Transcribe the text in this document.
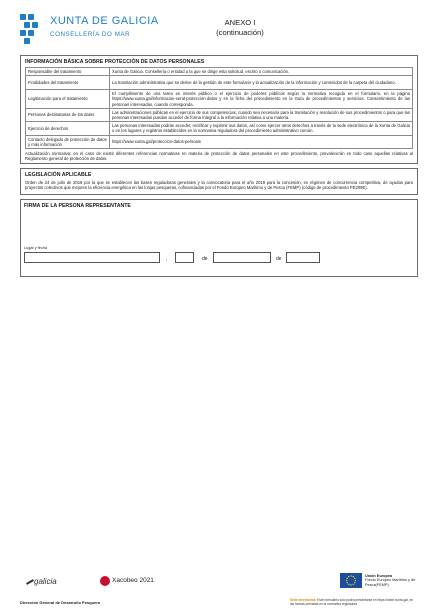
XUNTA DE GALICIA
CONSELLERÍA DO MAR
ANEXO I
(continuación)
INFORMACIÓN BÁSICA SOBRE PROTECCIÓN DE DATOS PERSONALES
Responsable del tratamiento	Xunta de Galicia. Consellería o entidad a la que se dirige esta solicitud, escrito o comunicación.
Finalidades del tratamiento	La tramitación administrativa que se derive de la gestión de este formulario y la actualización de la información y contenidos de la carpeta del ciudadano.
Legitimación para el tratamiento	El cumplimiento de una tarea en interés público o el ejercicio de poderes públicos según la normativa recogida en el formulario, en la página https://www.xunta.gal/informacion-xeral-proteccion-datos y en la ficha del procedimiento en la Guía de procedimientos y servicios. Consentimiento de las personas interesadas, cuando corresponda.
Personas destinatarias de los datos	Las administraciones públicas en el ejercicio de sus competencias, cuando sea necesario para la tramitación y resolución de sus procedimientos o para que las personas interesadas puedan acceder de forma íntegral a la información relativa a una materia.
Ejercicio de derechos	Las personas interesadas podrán acceder, rectificar y suprimir sus datos, así como ejercer otros derechos a través de la sede electrónica de la Xunta de Galicia o en los lugares y registros establecidos en la normativa reguladora del procedimiento administrativo común.
Contacto delegado de protección de datos y más información	https://www.xunta.gal/proteccion-datos-persoais
Actualización normativa: en el caso de existir diferentes referencias normativas en materia de protección de datos personales en este procedimiento, prevalecerán en todo caso aquellas relativas al Reglamento general de protección de datos.
LEGISLACIÓN APLICABLE
Orden de 24 de julio de 2019 por la que se establecen las bases reguladoras generales y la convocatoria para el año 2019 para la concesión, en régimen de concurrencia competitiva, de ayudas para proyectos colectivos que mejoren la eficiencia energética en las lonjas pesqueras, cofinanciadas por el Fondo Europeo Marítimo y de Pesca (FEMP) (código de procedimiento PE209E).
FIRMA DE LA PERSONA REPRESENTANTE
Lugar y fecha
,	de	de
galicia	Xacobeo 2021
Unión Europea
Fondo Europeo Marítimo y de Pesca(FEMP)
Dirección General de Desarrollo Pesquero	Sede electrónica: Este formulario solo podrá presentarse en https://sede.xunta.gal, en las formas previstas en la normativa reguladora
